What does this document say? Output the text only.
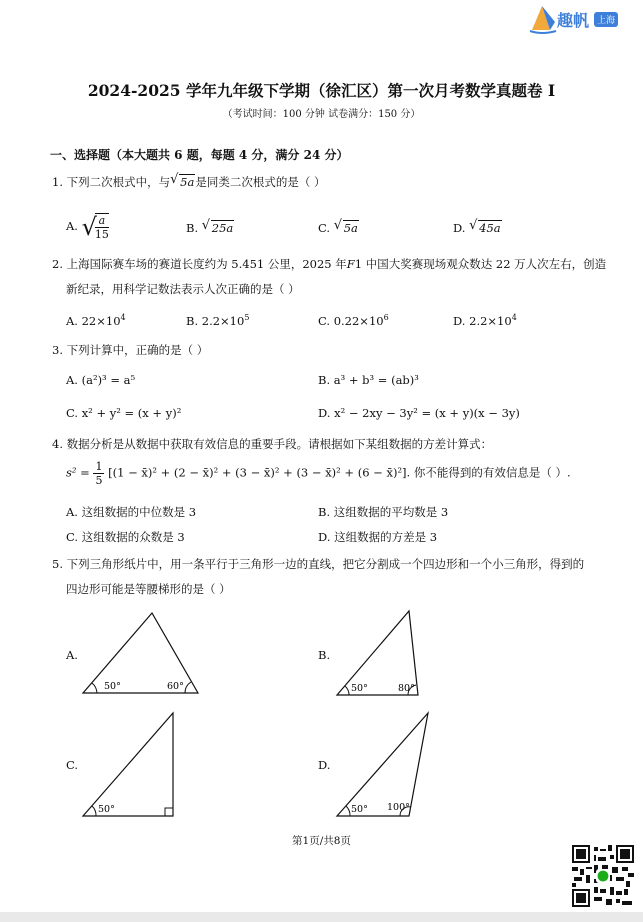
趣帆 上海
2024-2025 学年九年级下学期（徐汇区）第一次月考数学真题卷 I
（考试时间：100 分钟 试卷满分：150 分）
一、选择题（本大题共 6 题，每题 4 分，满分 24 分）
1. 下列二次根式中，与 √ 5a是同类二次根式的是（ ）
A. √
$\frac{a}{15}$	B. √ 25a	C. √ 5a	D. √ 45a
2. 上海国际赛车场的赛道长度约为 5.451 公里，2025 年F1 中国大奖赛现场观众数达 22 万人次左右，创造
新纪录，用科学记数法表示人次正确的是（ ）
A. $22\times 10^4$	B. $2.2\times 10^5$	C. $0.22\times 10^6$	D. $2.2\times 10^4$
3. 下列计算中，正确的是（ ）
A. (a²)³ = a⁵	B. a³ + b³ = (ab)³
C. x² + y² = (x + y)²	D. x² − 2xy − 3y² = (x + y)(x − 3y)
4. 数据分析是从数据中获取有效信息的重要手段。请根据如下某组数据的方差计算式：
$s^2 = \frac{1}{5} [(1$ − x̄)² + (2 − x̄)² + (3 − x̄)² + (3 − x̄)² + (6 − x̄)²]. 你不能得到的有效信息是（ ）.
A. 这组数据的中位数是 3	B. 这组数据的平均数是 3
C. 这组数据的众数是 3	D. 这组数据的方差是 3
5. 下列三角形纸片中，用一条平行于三角形一边的直线，把它分割成一个四边形和一个小三角形，得到的
四边形可能是等腰梯形的是（ ）
A.
50°	60°
B.
50°	80°
C.
50°
D.
50° 100°
第1页/共8页
